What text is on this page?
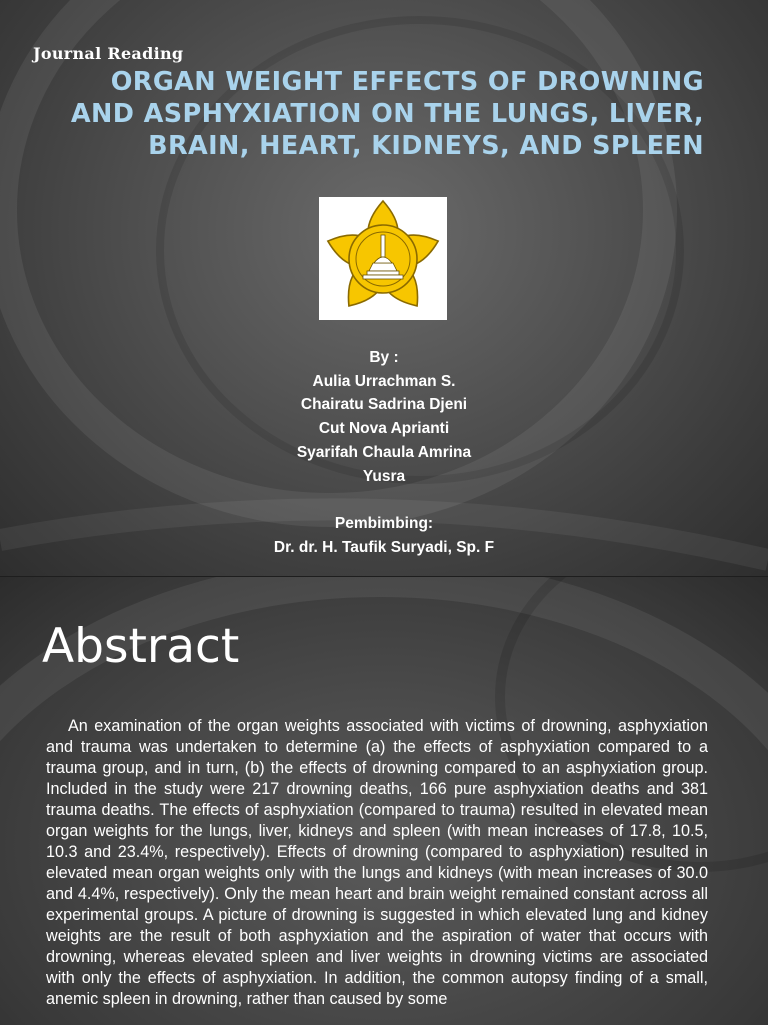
Journal Reading
ORGAN WEIGHT EFFECTS OF DROWNING
AND ASPHYXIATION ON THE LUNGS, LIVER,
BRAIN, HEART, KIDNEYS, AND SPLEEN
By :
Aulia Urrachman S.
Chairatu Sadrina Djeni
Cut Nova Aprianti
Syarifah Chaula Amrina
Yusra
Pembimbing:
Dr. dr. H. Taufik Suryadi, Sp. F
Abstract
An examination of the organ weights associated with victims of drowning, asphyxiation and trauma was undertaken to determine (a) the effects of asphyxiation compared to a trauma group, and in turn, (b) the effects of drowning compared to an asphyxiation group. Included in the study were 217 drowning deaths, 166 pure asphyxiation deaths and 381 trauma deaths. The effects of asphyxiation (compared to trauma) resulted in elevated mean organ weights for the lungs, liver, kidneys and spleen (with mean increases of 17.8, 10.5, 10.3 and 23.4%, respectively). Effects of drowning (compared to asphyxiation) resulted in elevated mean organ weights only with the lungs and kidneys (with mean increases of 30.0 and 4.4%, respectively). Only the mean heart and brain weight remained constant across all experimental groups. A picture of drowning is suggested in which elevated lung and kidney weights are the result of both asphyxiation and the aspiration of water that occurs with drowning, whereas elevated spleen and liver weights in drowning victims are associated with only the effects of asphyxiation. In addition, the common autopsy finding of a small, anemic spleen in drowning, rather than caused by some
